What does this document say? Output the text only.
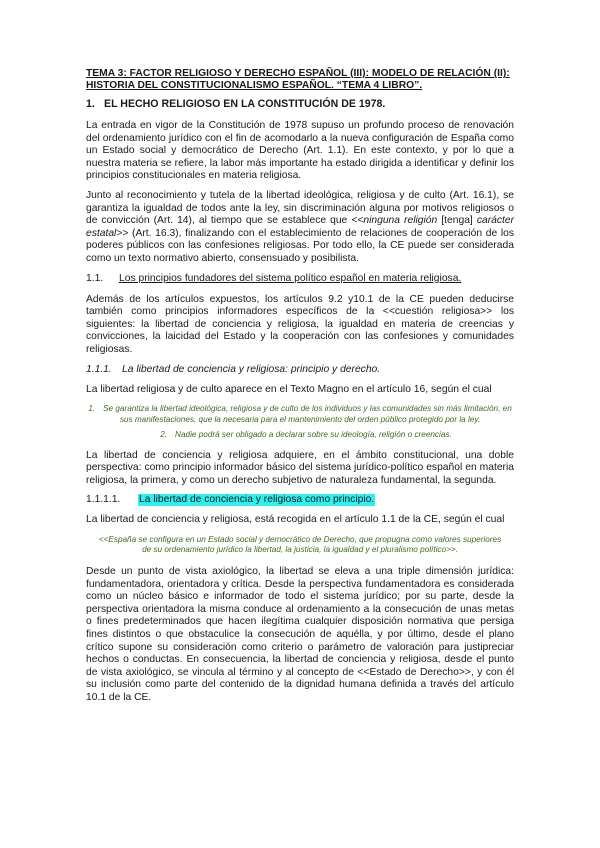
TEMA 3: FACTOR RELIGIOSO Y DERECHO ESPAÑOL (III): MODELO DE RELACIÓN (II): HISTORIA DEL CONSTITUCIONALISMO ESPAÑOL. “TEMA 4 LIBRO”.
1. EL HECHO RELIGIOSO EN LA CONSTITUCIÓN DE 1978.

La entrada en vigor de la Constitución de 1978 supuso un profundo proceso de renovación del ordenamiento jurídico con el fin de acomodarlo a la nueva configuración de España como un Estado social y democrático de Derecho (Art. 1.1). En este contexto, y por lo que a nuestra materia se refiere, la labor más importante ha estado dirigida a identificar y definir los principios constitucionales en materia religiosa.

Junto al reconocimiento y tutela de la libertad ideológica, religiosa y de culto (Art. 16.1), se garantiza la igualdad de todos ante la ley, sin discriminación alguna por motivos religiosos o de convicción (Art. 14), al tiempo que se establece que <<ninguna religión [tenga] carácter estatal>> (Art. 16.3), finalizando con el establecimiento de relaciones de cooperación de los poderes públicos con las confesiones religiosas. Por todo ello, la CE puede ser considerada como un texto normativo abierto, consensuado y posibilista.

1.1.	Los principios fundadores del sistema político español en materia religiosa.

Además de los artículos expuestos, los artículos 9.2 y10.1 de la CE pueden deducirse también como principios informadores específicos de la <<cuestión religiosa>> los siguientes: la libertad de conciencia y religiosa, la igualdad en materia de creencias y convicciones, la laicidad del Estado y la cooperación con las confesiones y comunidades religiosas.

1.1.1. La libertad de conciencia y religiosa: principio y derecho.

La libertad religiosa y de culto aparece en el Texto Magno en el artículo 16, según el cual

1. Se garantiza la libertad ideológica, religiosa y de culto de los individuos y las comunidades sin más limitación, en sus manifestaciones, que la necesaria para el mantenimiento del orden público protegido por la ley.
2. Nadie podrá ser obligado a declarar sobre su ideología, religión o creencias.

La libertad de conciencia y religiosa adquiere, en el ámbito constitucional, una doble perspectiva: como principio informador básico del sistema jurídico-político español en materia religiosa, la primera, y como un derecho subjetivo de naturaleza fundamental, la segunda.

1.1.1.1.	La libertad de conciencia y religiosa como principio.

La libertad de conciencia y religiosa, está recogida en el artículo 1.1 de la CE, según el cual

<<España se configura en un Estado social y democrático de Derecho, que propugna como valores superiores de su ordenamiento jurídico la libertad, la justicia, la igualdad y el pluralismo político>>.

Desde un punto de vista axiológico, la libertad se eleva a una triple dimensión jurídica: fundamentadora, orientadora y crítica. Desde la perspectiva fundamentadora es considerada como un núcleo básico e informador de todo el sistema jurídico; por su parte, desde la perspectiva orientadora la misma conduce al ordenamiento a la consecución de unas metas o fines predeterminados que hacen ilegítima cualquier disposición normativa que persiga fines distintos o que obstaculice la consecución de aquélla, y por último, desde el plano crítico supone su consideración como criterio o parámetro de valoración para justipreciar hechos o conductas. En consecuencia, la libertad de conciencia y religiosa, desde el punto de vista axiológico, se vincula al término y al concepto de <<Estado de Derecho>>, y con él su inclusión como parte del contenido de la dignidad humana definida a través del artículo 10.1 de la CE.
